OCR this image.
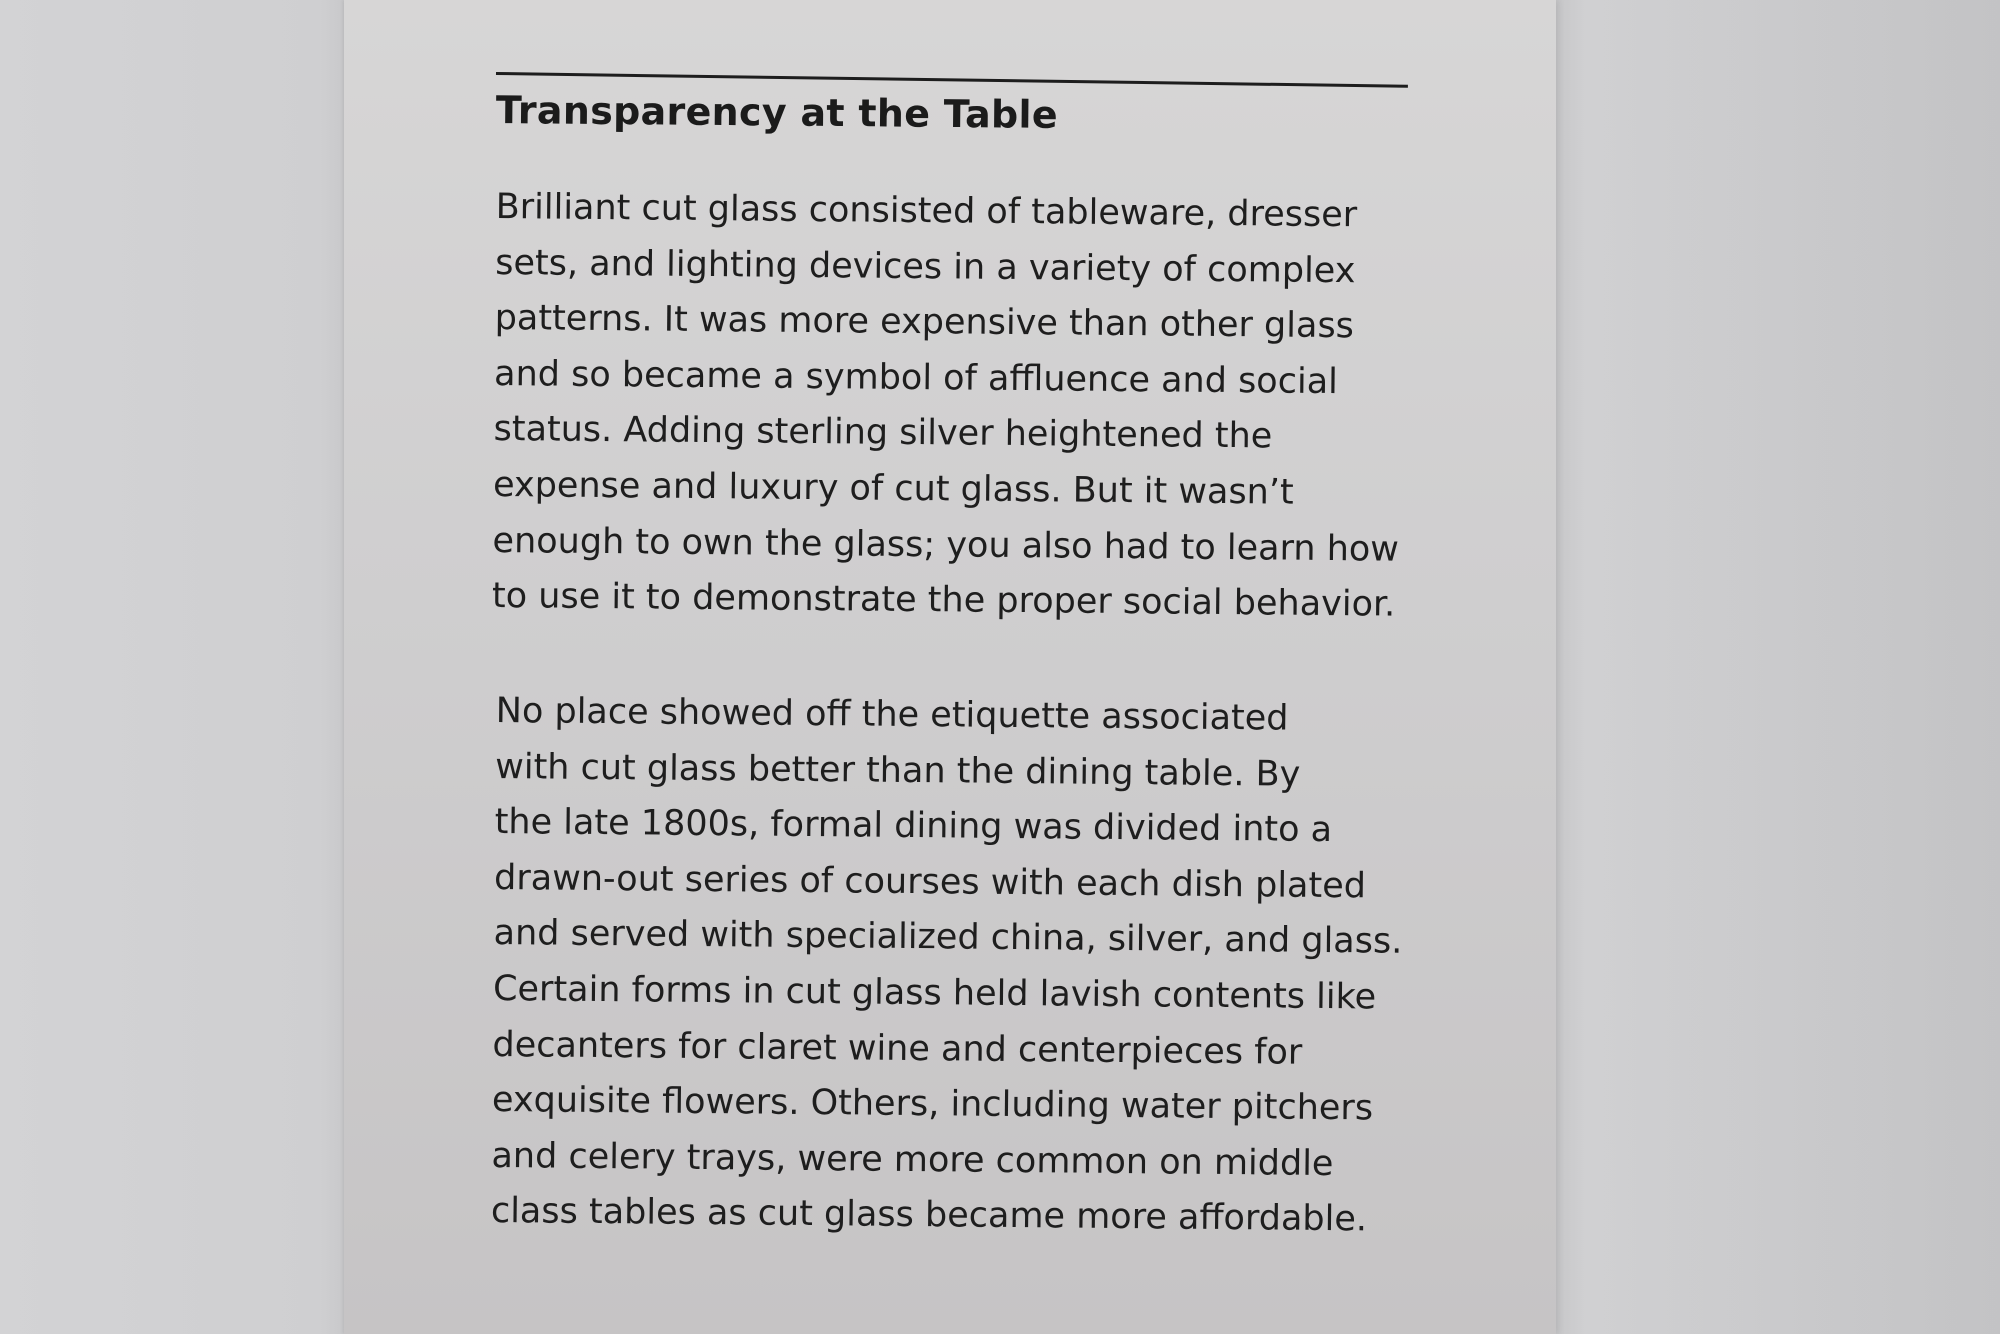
Transparency at the Table
Brilliant cut glass consisted of tableware, dresser
sets, and lighting devices in a variety of complex
patterns. It was more expensive than other glass
and so became a symbol of affluence and social
status. Adding sterling silver heightened the
expense and luxury of cut glass. But it wasn’t
enough to own the glass; you also had to learn how
to use it to demonstrate the proper social behavior.
No place showed off the etiquette associated
with cut glass better than the dining table. By
the late 1800s, formal dining was divided into a
drawn-out series of courses with each dish plated
and served with specialized china, silver, and glass.
Certain forms in cut glass held lavish contents like
decanters for claret wine and centerpieces for
exquisite flowers. Others, including water pitchers
and celery trays, were more common on middle
class tables as cut glass became more affordable.
